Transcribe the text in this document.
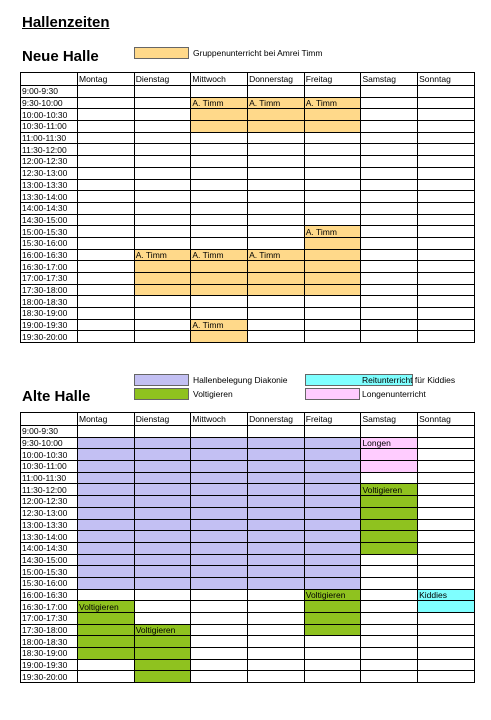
Hallenzeiten
Neue Halle	Gruppenunterricht bei Amrei Timm
	Montag	Dienstag	Mittwoch	Donnerstag	Freitag	Samstag	Sonntag
9:00-9:30							
9:30-10:00			A. Timm	A. Timm	A. Timm		
10:00-10:30							
10:30-11:00							
11:00-11:30							
11:30-12:00							
12:00-12:30							
12:30-13:00							
13:00-13:30							
13:30-14:00							
14:00-14:30							
14:30-15:00							
15:00-15:30					A. Timm		
15:30-16:00							
16:00-16:30		A. Timm	A. Timm	A. Timm			
16:30-17:00							
17:00-17:30							
17:30-18:00							
18:00-18:30							
18:30-19:00							
19:00-19:30			A. Timm				
19:30-20:00							
Alte Halle
Hallenbelegung Diakonie
Voltigieren
Reitunterricht für Kiddies
Longenunterricht
	Montag	Dienstag	Mittwoch	Donnerstag	Freitag	Samstag	Sonntag
9:00-9:30							
9:30-10:00						Longen	
10:00-10:30							
10:30-11:00							
11:00-11:30							
11:30-12:00						Voltigieren	
12:00-12:30							
12:30-13:00							
13:00-13:30							
13:30-14:00							
14:00-14:30							
14:30-15:00							
15:00-15:30							
15:30-16:00							
16:00-16:30					Voltigieren		Kiddies
16:30-17:00	Voltigieren						
17:00-17:30							
17:30-18:00		Voltigieren					
18:00-18:30							
18:30-19:00							
19:00-19:30							
19:30-20:00							
